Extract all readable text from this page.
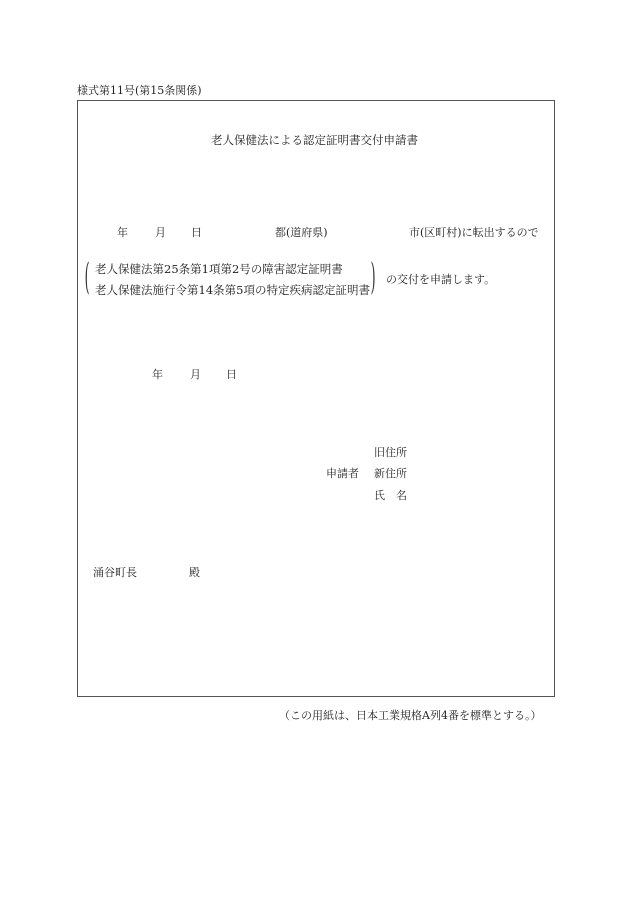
様式第11号(第15条関係)
老人保健法による認定証明書交付申請書
年 月 日	都(道府県)	市(区町村)に転出するので
( 老人保健法第25条第1項第2号の障害認定証明書
老人保健法施行令第14条第5項の特定疾病認定証明書 ) の交付を申請します。
年 月 日
旧住所
申請者 新住所
氏　名
涌谷町長	殿
（この用紙は、日本工業規格A列4番を標準とする。）
